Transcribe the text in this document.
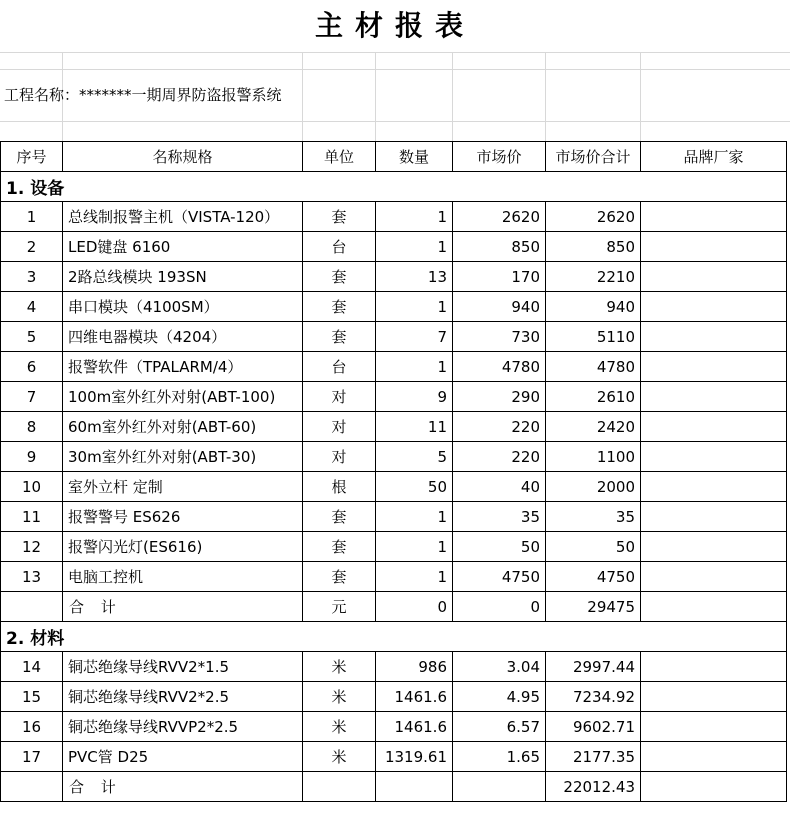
主材报表
工程名称：*******一期周界防盗报警系统
序号	名称规格	单位	数量	市场价	市场价合计	品牌厂家
1. 设备						
1	总线制报警主机（VISTA-120）	套	1	2620	2620	
2	LED键盘 6160	台	1	850	850	
3	2路总线模块 193SN	套	13	170	2210	
4	串口模块（4100SM）	套	1	940	940	
5	四维电器模块（4204）	套	7	730	5110	
6	报警软件（TPALARM/4）	台	1	4780	4780	
7	100m室外红外对射(ABT-100)	对	9	290	2610	
8	60m室外红外对射(ABT-60)	对	11	220	2420	
9	30m室外红外对射(ABT-30)	对	5	220	1100	
10	室外立杆 定制	根	50	40	2000	
11	报警警号 ES626	套	1	35	35	
12	报警闪光灯(ES616)	套	1	50	50	
13	电脑工控机	套	1	4750	4750	
	合 计	元	0	0	29475	
2. 材料						
14	铜芯绝缘导线RVV2*1.5	米	986	3.04	2997.44	
15	铜芯绝缘导线RVV2*2.5	米	1461.6	4.95	7234.92	
16	铜芯绝缘导线RVVP2*2.5	米	1461.6	6.57	9602.71	
17	PVC管 D25	米	1319.61	1.65	2177.35	
	合 计				22012.43	
